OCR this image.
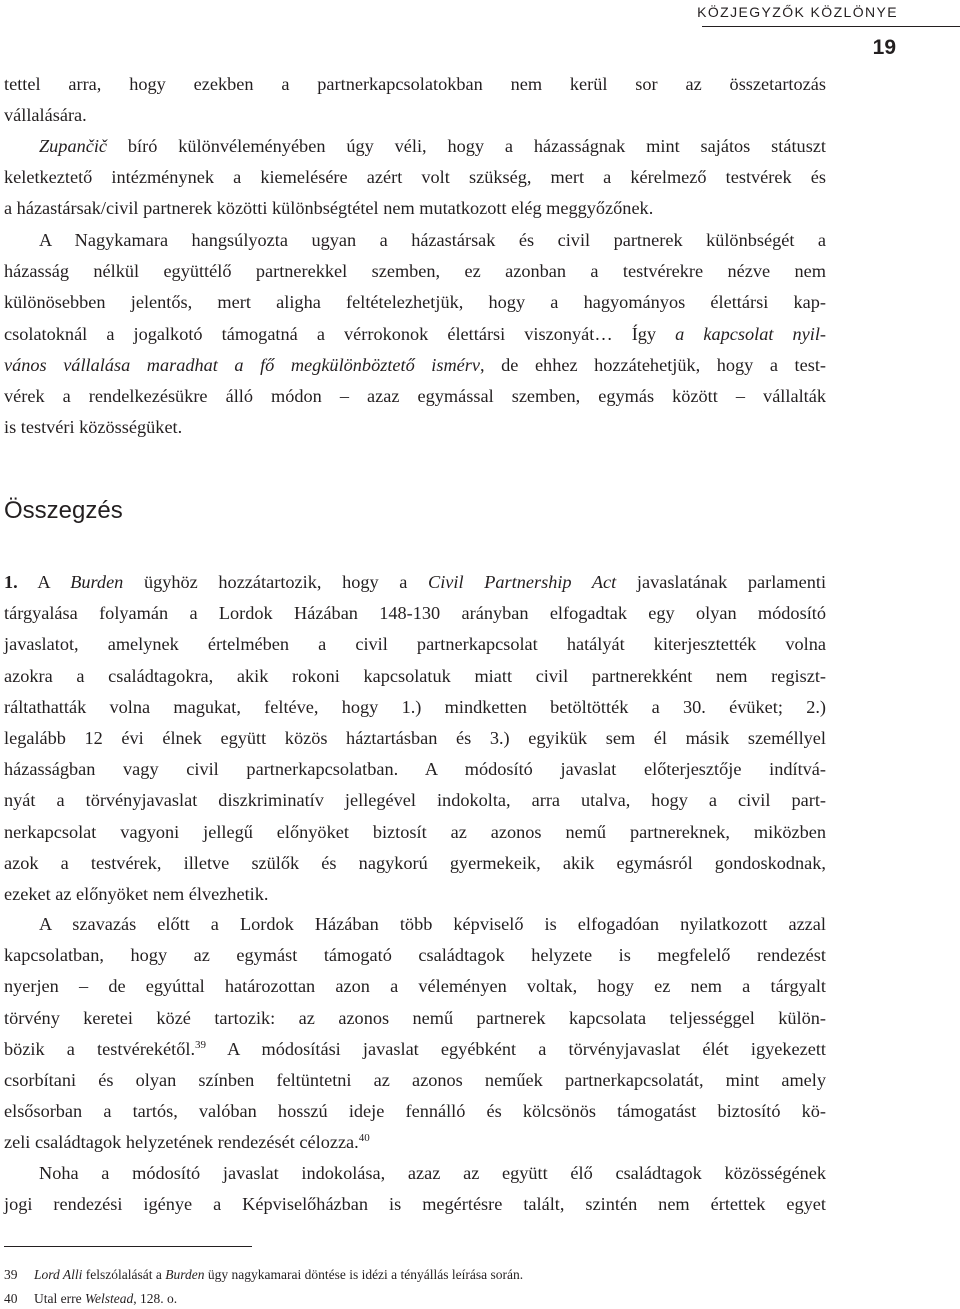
KÖZJEGYZŐK KÖZLÖNYE
19
tettel arra, hogy ezekben a partnerkapcsolatokban nem kerül sor az összetartozás
vállalására.
Zupančič bíró különvéleményében úgy véli, hogy a házasságnak mint sajátos státuszt
keletkeztető intézménynek a kiemelésére azért volt szükség, mert a kérelmező testvérek és
a házastársak/civil partnerek közötti különbségtétel nem mutatkozott elég meggyőzőnek.
A Nagykamara hangsúlyozta ugyan a házastársak és civil partnerek különbségét a
házasság nélkül együttélő partnerekkel szemben, ez azonban a testvérekre nézve nem
különösebben jelentős, mert aligha feltételezhetjük, hogy a hagyományos élettársi kap-
csolatoknál a jogalkotó támogatná a vérrokonok élettársi viszonyát… Így a kapcsolat nyil-
vános vállalása maradhat a fő megkülönböztető ismérv, de ehhez hozzátehetjük, hogy a test-
vérek a rendelkezésükre álló módon – azaz egymással szemben, egymás között – vállalták
is testvéri közösségüket.
Összegzés
1. A Burden ügyhöz hozzátartozik, hogy a Civil Partnership Act javaslatának parlamenti
tárgyalása folyamán a Lordok Házában 148-130 arányban elfogadtak egy olyan módosító
javaslatot, amelynek értelmében a civil partnerkapcsolat hatályát kiterjesztették volna
azokra a családtagokra, akik rokoni kapcsolatuk miatt civil partnerekként nem regiszt-
ráltathatták volna magukat, feltéve, hogy 1.) mindketten betöltötték a 30. évüket; 2.)
legalább 12 évi élnek együtt közös háztartásban és 3.) egyikük sem él másik személlyel
házasságban vagy civil partnerkapcsolatban. A módosító javaslat előterjesztője indítvá-
nyát a törvényjavaslat diszkriminatív jellegével indokolta, arra utalva, hogy a civil part-
nerkapcsolat vagyoni jellegű előnyöket biztosít az azonos nemű partnereknek, miközben
azok a testvérek, illetve szülők és nagykorú gyermekeik, akik egymásról gondoskodnak,
ezeket az előnyöket nem élvezhetik.
A szavazás előtt a Lordok Házában több képviselő is elfogadóan nyilatkozott azzal
kapcsolatban, hogy az egymást támogató családtagok helyzete is megfelelő rendezést
nyerjen – de egyúttal határozottan azon a véleményen voltak, hogy ez nem a tárgyalt
törvény keretei közé tartozik: az azonos nemű partnerek kapcsolata teljességgel külön-
bözik a testvérekétől.$^{39}$ A módosítási javaslat egyébként a törvényjavaslat élét igyekezett
csorbítani és olyan színben feltüntetni az azonos neműek partnerkapcsolatát, mint amely
elsősorban a tartós, valóban hosszú ideje fennálló és kölcsönös támogatást biztosító kö-
zeli családtagok helyzetének rendezését célozza.$^{40}$
Noha a módosító javaslat indokolása, azaz az együtt élő családtagok közösségének
jogi rendezési igénye a Képviselőházban is megértésre talált, szintén nem értettek egyet
39 Lord Alli felszólalását a Burden ügy nagykamarai döntése is idézi a tényállás leírása során.
40 Utal erre Welstead, 128. o.
